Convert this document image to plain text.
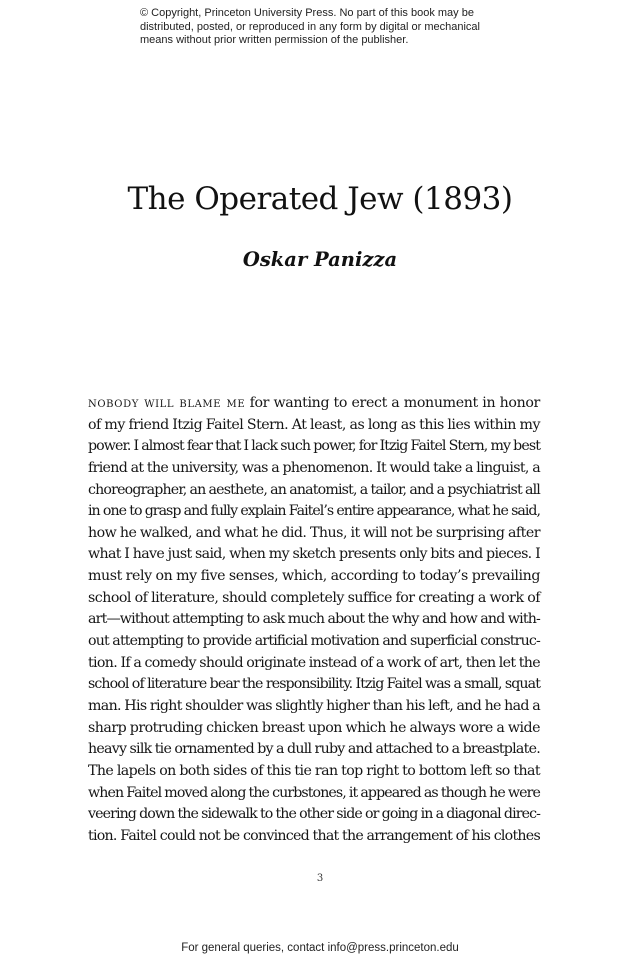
© Copyright, Princeton University Press. No part of this book may be
distributed, posted, or reproduced in any form by digital or mechanical
means without prior written permission of the publisher.
The Operated Jew (1893)
Oskar Panizza
nobody will blame me for wanting to erect a monument in honor
of my friend Itzig Faitel Stern. At least, as long as this lies within my
power. I almost fear that I lack such power, for Itzig Faitel Stern, my best
friend at the university, was a phenomenon. It would take a linguist, a
choreographer, an aesthete, an anatomist, a tailor, and a psychiatrist all
in one to grasp and fully explain Faitel’s entire appearance, what he said,
how he walked, and what he did. Thus, it will not be surprising after
what I have just said, when my sketch presents only bits and pieces. I
must rely on my five senses, which, according to today’s prevailing
school of literature, should completely suffice for creating a work of
art—without attempting to ask much about the why and how and with-
out attempting to provide artificial motivation and superficial construc-
tion. If a comedy should originate instead of a work of art, then let the
school of literature bear the responsibility. Itzig Faitel was a small, squat
man. His right shoulder was slightly higher than his left, and he had a
sharp protruding chicken breast upon which he always wore a wide
heavy silk tie ornamented by a dull ruby and attached to a breastplate.
The lapels on both sides of this tie ran top right to bottom left so that
when Faitel moved along the curbstones, it appeared as though he were
veering down the sidewalk to the other side or going in a diagonal direc-
tion. Faitel could not be convinced that the arrangement of his clothes
3
For general queries, contact info@press.princeton.edu
